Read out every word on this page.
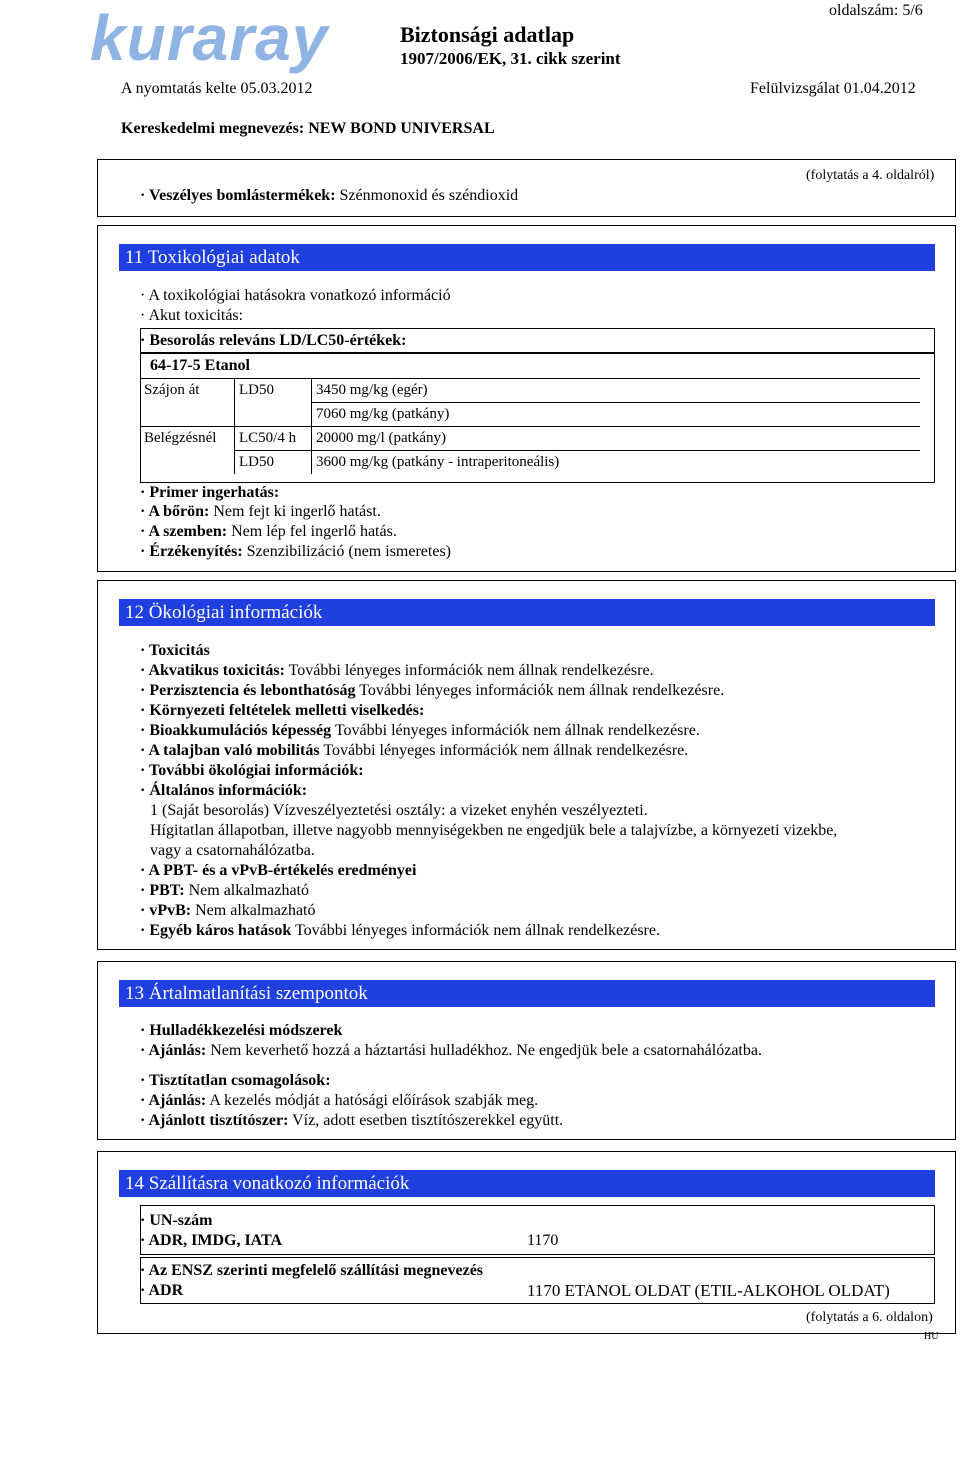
kuraray	Biztonsági adatlap
1907/2006/EK, 31. cikk szerint
oldalszám: 5/6
A nyomtatás kelte 05.03.2012	Felülvizsgálat 01.04.2012
Kereskedelmi megnevezés: NEW BOND UNIVERSAL
(folytatás a 4. oldalról)
· Veszélyes bomlástermékek: Szénmonoxid és széndioxid
11 Toxikológiai adatok
· A toxikológiai hatásokra vonatkozó információ
· Akut toxicitás:
· Besorolás releváns LD/LC50-értékek:
64-17-5 Etanol
Szájon át	LD50	3450 mg/kg (egér)
		7060 mg/kg (patkány)
Belégzésnél	LC50/4 h	20000 mg/l (patkány)
	LD50	3600 mg/kg (patkány - intraperitoneális)
· Primer ingerhatás:
· A bőrön: Nem fejt ki ingerlő hatást.
· A szemben: Nem lép fel ingerlő hatás.
· Érzékenyítés: Szenzibilizáció (nem ismeretes)
12 Ökológiai információk
· Toxicitás
· Akvatikus toxicitás: További lényeges információk nem állnak rendelkezésre.
· Perzisztencia és lebonthatóság További lényeges információk nem állnak rendelkezésre.
· Környezeti feltételek melletti viselkedés:
· Bioakkumulációs képesség További lényeges információk nem állnak rendelkezésre.
· A talajban való mobilitás További lényeges információk nem állnak rendelkezésre.
· További ökológiai információk:
· Általános információk:
1 (Saját besorolás) Vízveszélyeztetési osztály: a vizeket enyhén veszélyezteti.
Hígitatlan állapotban, illetve nagyobb mennyiségekben ne engedjük bele a talajvízbe, a környezeti vizekbe,
vagy a csatornahálózatba.
· A PBT- és a vPvB-értékelés eredményei
· PBT: Nem alkalmazható
· vPvB: Nem alkalmazható
· Egyéb káros hatások További lényeges információk nem állnak rendelkezésre.
13 Ártalmatlanítási szempontok
· Hulladékkezelési módszerek
· Ajánlás: Nem keverhető hozzá a háztartási hulladékhoz. Ne engedjük bele a csatornahálózatba.
· Tisztítatlan csomagolások:
· Ajánlás: A kezelés módját a hatósági előírások szabják meg.
· Ajánlott tisztítószer: Víz, adott esetben tisztítószerekkel együtt.
14 Szállításra vonatkozó információk
· UN-szám
· ADR, IMDG, IATA	1170
· Az ENSZ szerinti megfelelő szállítási megnevezés
· ADR	1170 ETANOL OLDAT (ETIL-ALKOHOL OLDAT)
(folytatás a 6. oldalon)
HU
